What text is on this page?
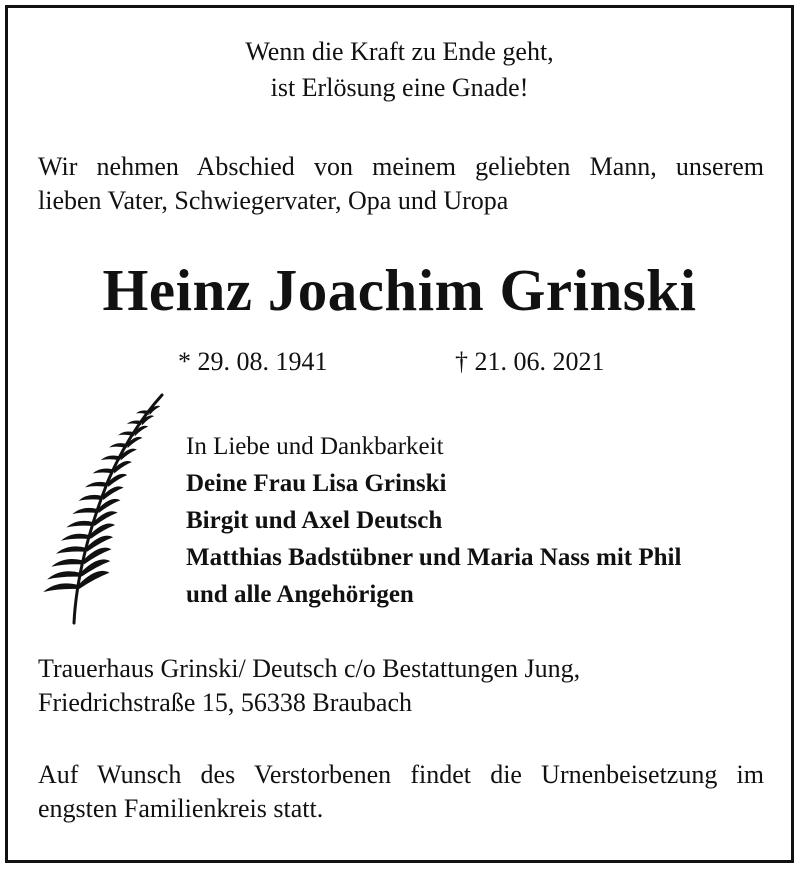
Wenn die Kraft zu Ende geht,

ist Erlösung eine Gnade!

Wir nehmen Abschied von meinem geliebten Mann, unserem

lieben Vater, Schwiegervater, Opa und Uropa

Heinz Joachim Grinski

* 29. 08. 1941	† 21. 06. 2021

In Liebe und Dankbarkeit
Deine Frau Lisa Grinski
Birgit und Axel Deutsch
Matthias Badstübner und Maria Nass mit Phil
und alle Angehörigen

Trauerhaus Grinski/ Deutsch c/o Bestattungen Jung,

Friedrichstraße 15, 56338 Braubach

Auf Wunsch des Verstorbenen findet die Urnenbeisetzung im

engsten Familienkreis statt.
